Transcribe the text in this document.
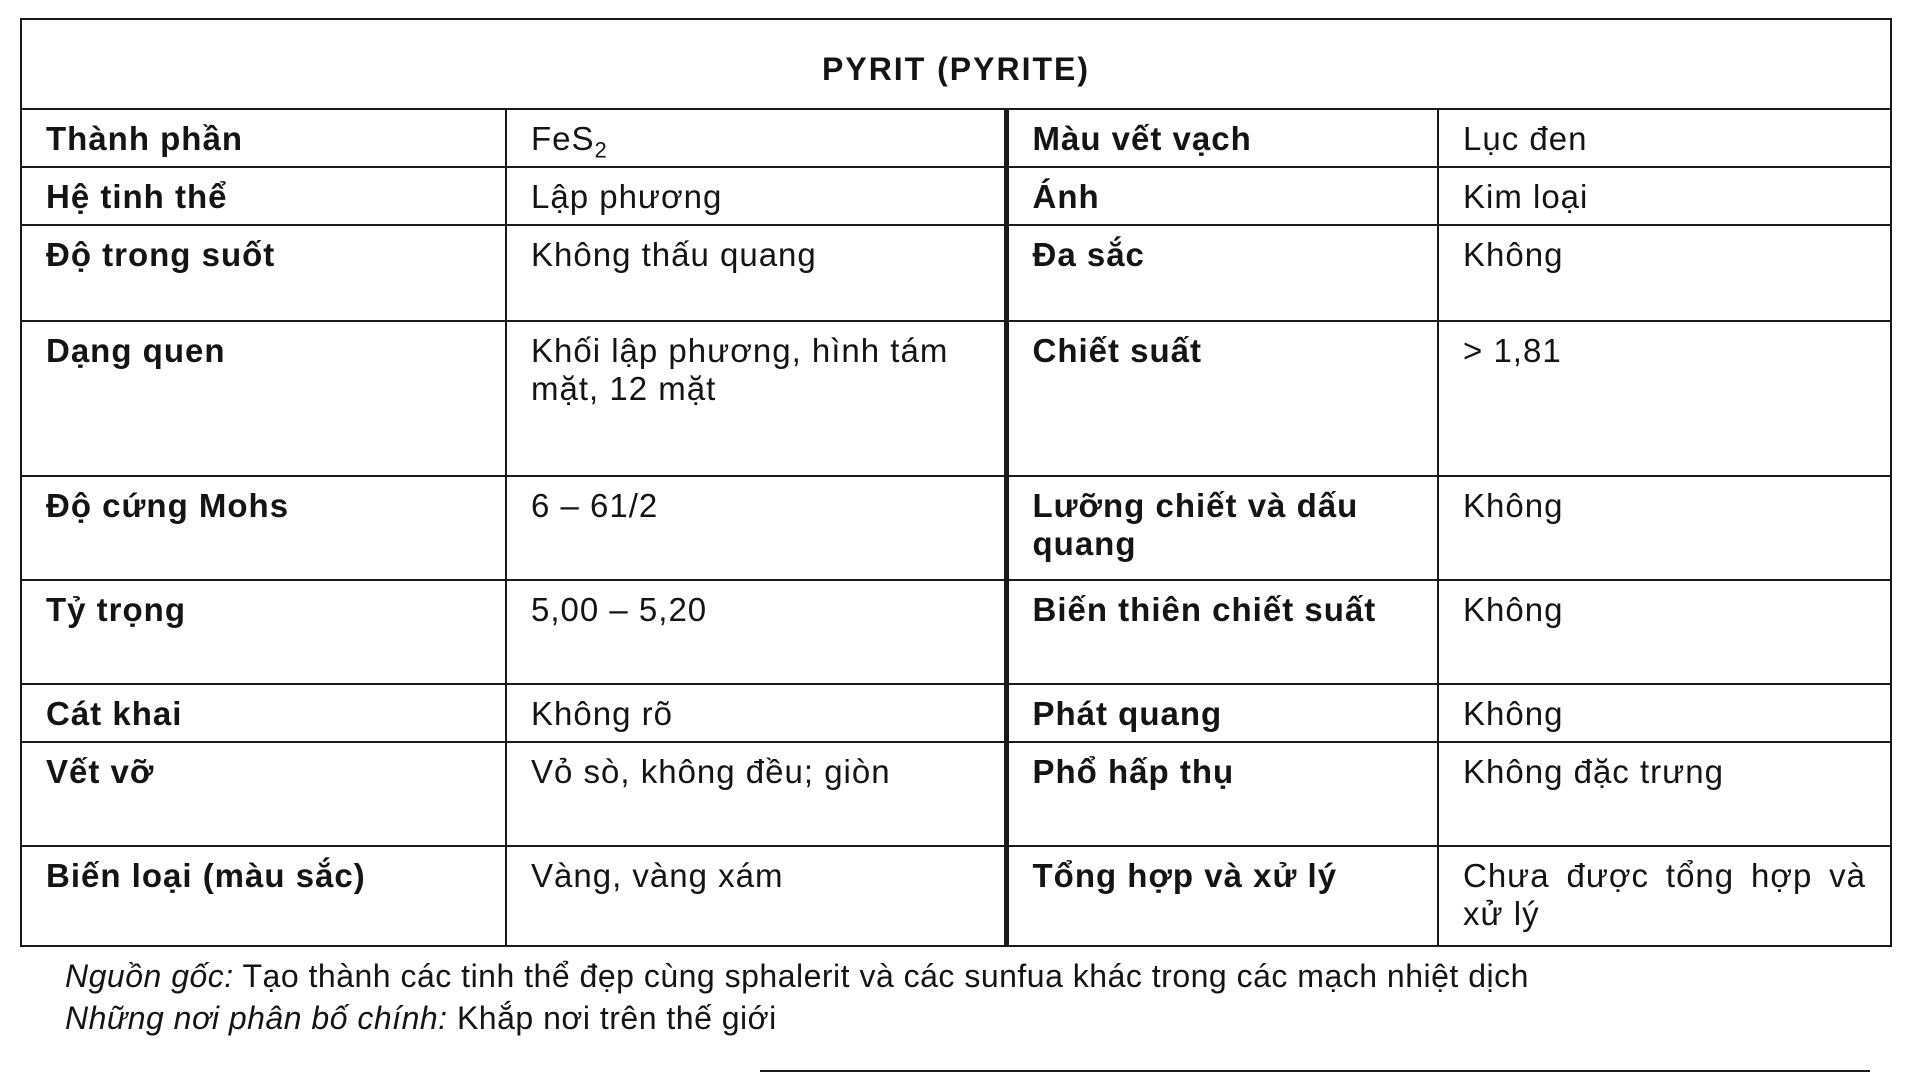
PYRIT (PYRITE)			
Thành phần	FeS$_2$	Màu vết vạch	Lục đen
Hệ tinh thể	Lập phương	Ánh	Kim loại
Độ trong suốt	Không thấu quang	Đa sắc	Không
Dạng quen	Khối lập phương, hình tám mặt, 12 mặt	Chiết suất	> 1,81
Độ cứng Mohs	6 – 61/2	Lưỡng chiết và dấu quang	Không
Tỷ trọng	5,00 – 5,20	Biến thiên chiết suất	Không
Cát khai	Không rõ	Phát quang	Không
Vết vỡ	Vỏ sò, không đều; giòn	Phổ hấp thụ	Không đặc trưng
Biến loại (màu sắc)	Vàng, vàng xám	Tổng hợp và xử lý	Chưa được tổng hợp và xử lý

Nguồn gốc: Tạo thành các tinh thể đẹp cùng sphalerit và các sunfua khác trong các mạch nhiệt dịch

Những nơi phân bố chính: Khắp nơi trên thế giới
